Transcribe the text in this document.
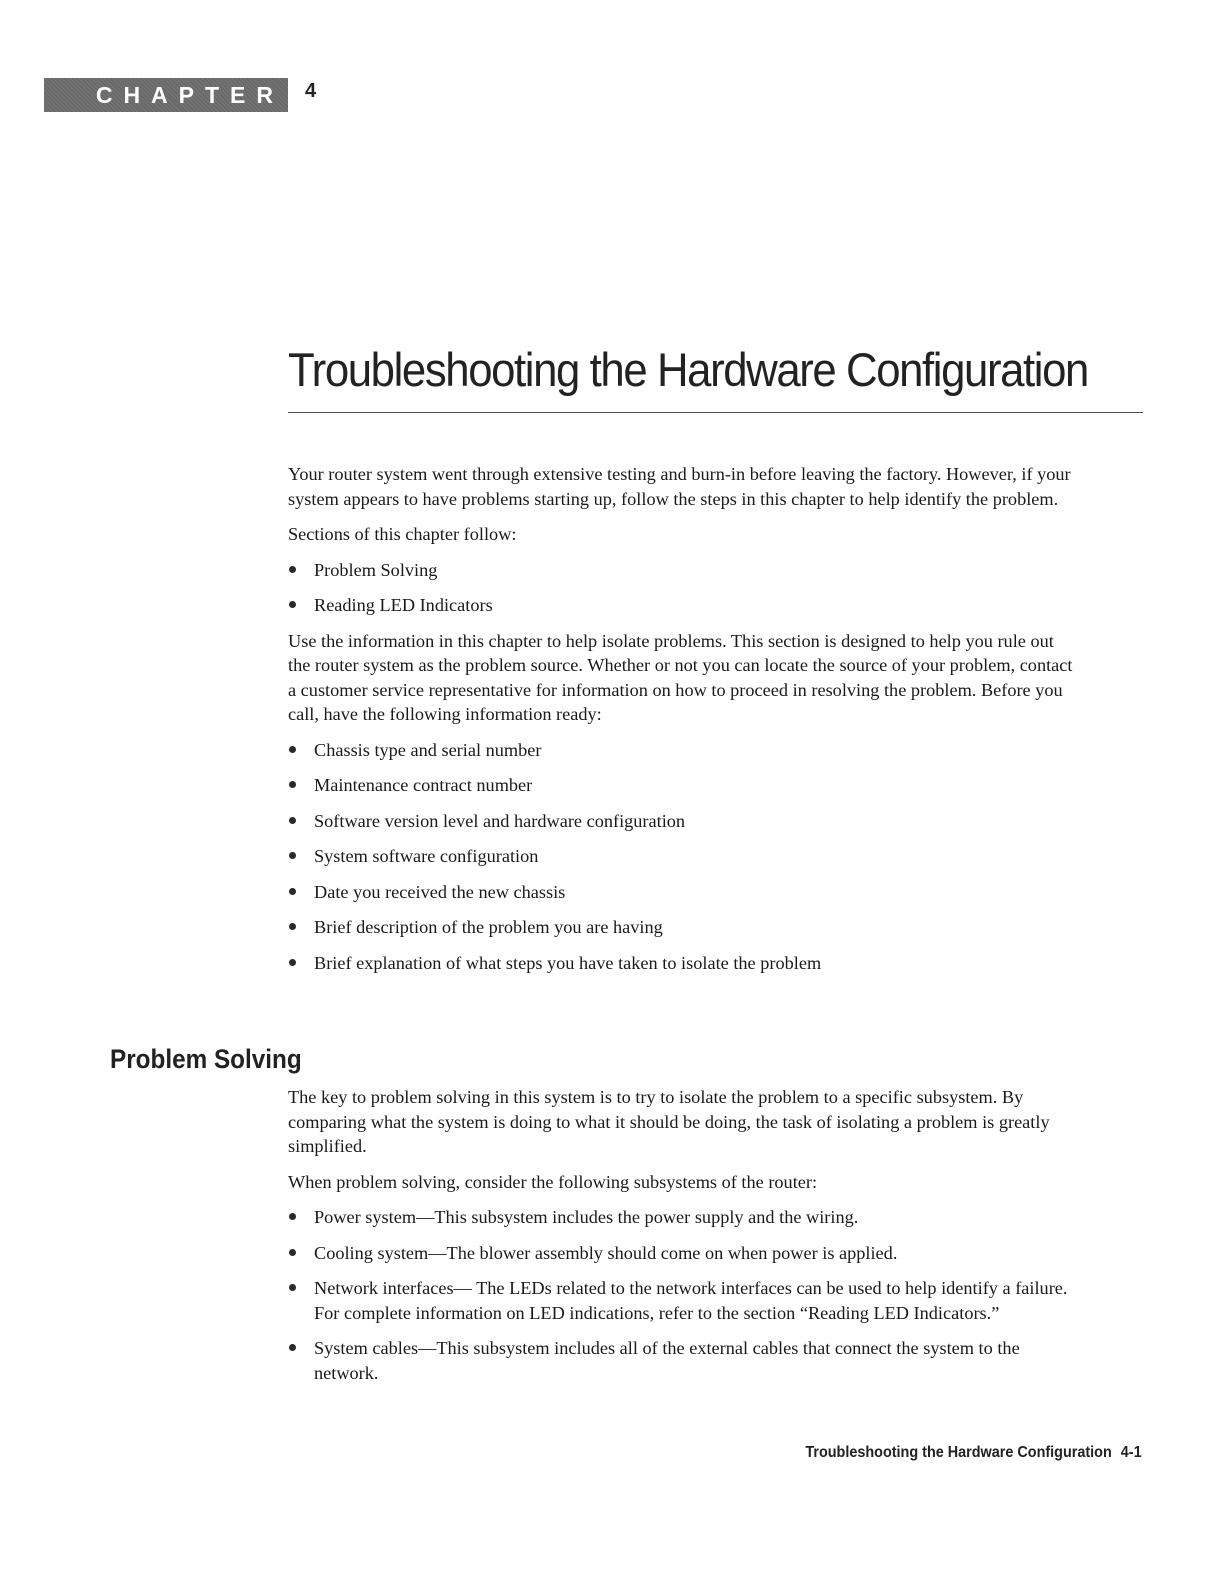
CHAPTER 4
Troubleshooting the Hardware Configuration

Your router system went through extensive testing and burn-in before leaving the factory. However, if your system appears to have problems starting up, follow the steps in this chapter to help identify the problem.

Sections of this chapter follow:

Problem Solving
Reading LED Indicators

Use the information in this chapter to help isolate problems. This section is designed to help you rule out the router system as the problem source. Whether or not you can locate the source of your problem, contact a customer service representative for information on how to proceed in resolving the problem. Before you call, have the following information ready:

Chassis type and serial number
Maintenance contract number
Software version level and hardware configuration
System software configuration
Date you received the new chassis
Brief description of the problem you are having
Brief explanation of what steps you have taken to isolate the problem
Problem Solving

The key to problem solving in this system is to try to isolate the problem to a specific subsystem. By comparing what the system is doing to what it should be doing, the task of isolating a problem is greatly simplified.

When problem solving, consider the following subsystems of the router:

Power system—This subsystem includes the power supply and the wiring.
Cooling system—The blower assembly should come on when power is applied.
Network interfaces— The LEDs related to the network interfaces can be used to help identify a failure. For complete information on LED indications, refer to the section “Reading LED Indicators.”
System cables—This subsystem includes all of the external cables that connect the system to the network.
Troubleshooting the Hardware Configuration 4-1
